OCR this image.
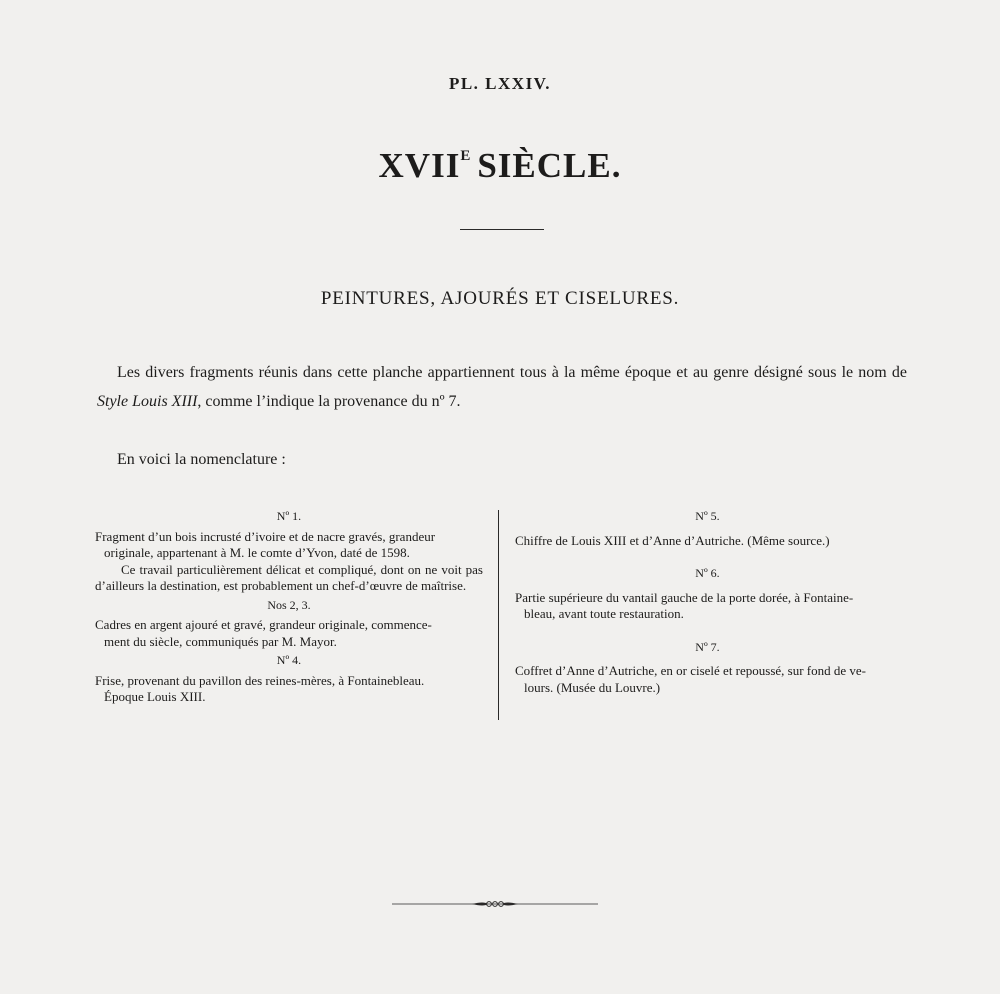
PL. LXXIV.
$XVII^E$ SIÈCLE.
PEINTURES, AJOURÉS ET CISELURES.

Les divers fragments réunis dans cette planche appartiennent tous à la même époque et au genre désigné sous le nom de Style Louis XIII, comme l’indique la provenance du nº 7.

En voici la nomenclature :
Nº 1.
Fragment d’un bois incrusté d’ivoire et de nacre gravés, grandeur
originale, appartenant à M. le comte d’Yvon, daté de 1598.
Ce travail particulièrement délicat et compliqué, dont on ne voit pas d’ailleurs la destination, est probablement un chef-d’œuvre de maîtrise.
Nos 2, 3.
Cadres en argent ajouré et gravé, grandeur originale, commence-
ment du siècle, communiqués par M. Mayor.
Nº 4.
Frise, provenant du pavillon des reines-mères, à Fontainebleau.
Époque Louis XIII.
Nº 5.
Chiffre de Louis XIII et d’Anne d’Autriche. (Même source.)
Nº 6.
Partie supérieure du vantail gauche de la porte dorée, à Fontaine-
bleau, avant toute restauration.
Nº 7.
Coffret d’Anne d’Autriche, en or ciselé et repoussé, sur fond de ve-
lours. (Musée du Louvre.)
